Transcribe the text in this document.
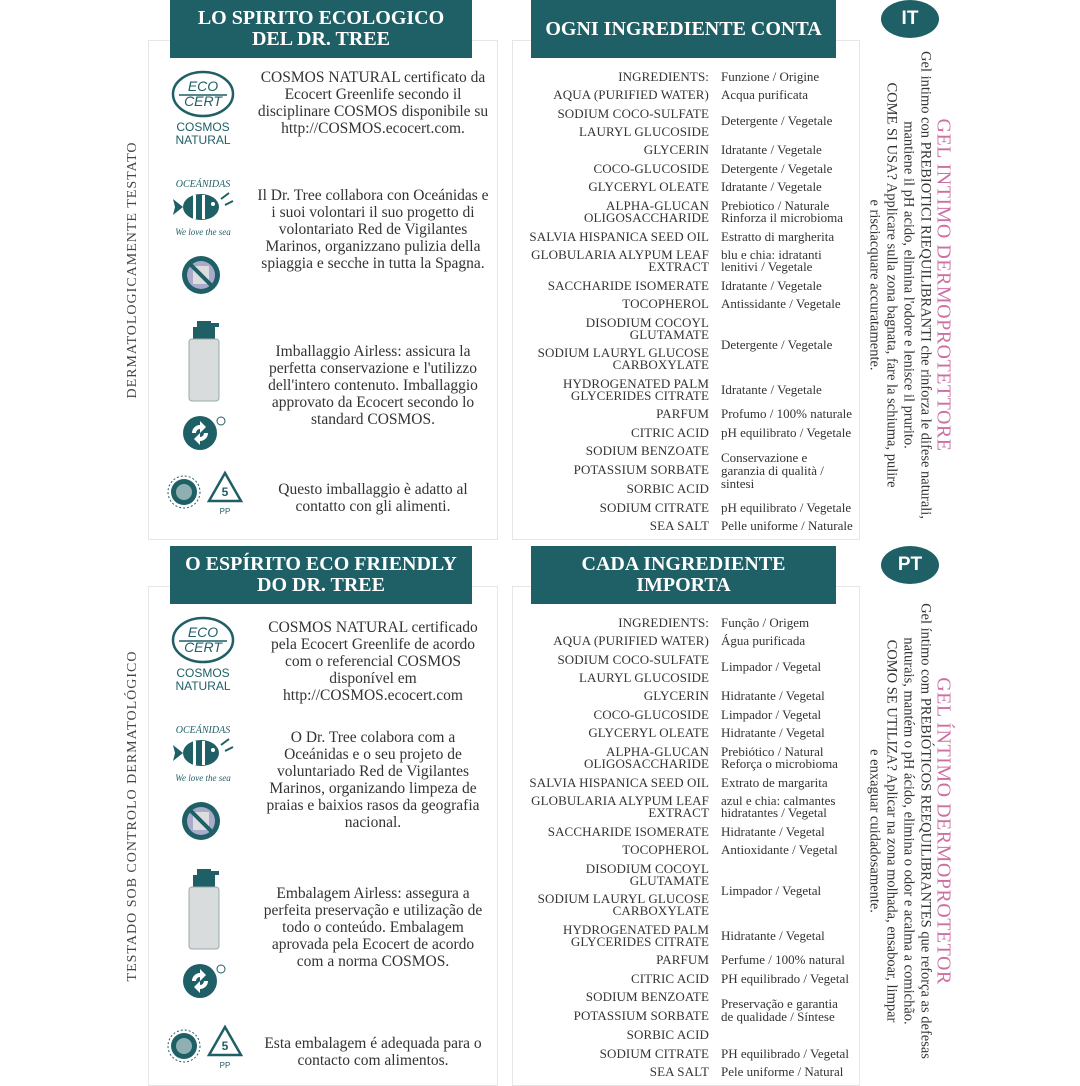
DERMATOLOGICAMENTE TESTATO
ECO
CERT
COSMOS
NATURAL
COSMOS NATURAL certificato da Ecocert Greenlife secondo il disciplinare COSMOS disponibile su http://COSMOS.ecocert.com.
OCEÁNIDAS
We love the sea
Il Dr. Tree collabora con Oceánidas e i suoi volontari il suo progetto di volontariato Red de Vigilantes Marinos, organizzano pulizia della spiaggia e secche in tutta la Spagna.
Imballaggio Airless: assicura la perfetta conservazione e l'utilizzo dell'intero contenuto. Imballaggio approvato da Ecocert secondo lo standard COSMOS.
5
PP
Questo imballaggio è adatto al contatto con gli alimenti.
LO SPIRITO ECOLOGICO DEL DR. TREE
INGREDIENTS: Funzione / Origine
AQUA (PURIFIED WATER) Acqua purificata
SODIUM COCO-SULFATE
LAURYL GLUCOSIDE
GLYCERIN Idratante / Vegetale
COCO-GLUCOSIDE Detergente / Vegetale
GLYCERYL OLEATE Idratante / Vegetale
ALPHA-GLUCAN Prebiotico / Naturale
OLIGOSACCHARIDE Rinforza il microbioma
SALVIA HISPANICA SEED OIL Estratto di margherita
GLOBULARIA ALYPUM LEAF blu e chia: idratanti
EXTRACT lenitivi / Vegetale
SACCHARIDE ISOMERATE Idratante / Vegetale
TOCOPHEROL Antissidante / Vegetale
DISODIUM COCOYL
GLUTAMATE
SODIUM LAURYL GLUCOSE
CARBOXYLATE
HYDROGENATED PALM
GLYCERIDES CITRATE
PARFUM Profumo / 100% naturale
CITRIC ACID pH equilibrato / Vegetale
SODIUM BENZOATE
POTASSIUM SORBATE
SORBIC ACID
SODIUM CITRATE pH equilibrato / Vegetale
SEA SALT Pelle uniforme / Naturale
Detergente / Vegetale
Detergente / Vegetale
Idratante / Vegetale
Conservazione e
garanzia di qualità /
sintesi
OGNI INGREDIENTE CONTA	IT
GEL INTIMO DERMOPROTETTORE
Gel intimo con PREBIOTICI RIEQUILIBRANTI che rinforza le difese naturali,
mantiene il pH acido, elimina l'odore e lenisce il prurito.
COME SI USA? Applicare sulla zona bagnata, fare la schiuma, pulire
e risciacquare accuratamente.
TESTADO SOB CONTROLO DERMATOLÓGICO
ECO
CERT
COSMOS
NATURAL
COSMOS NATURAL certificado pela Ecocert Greenlife de acordo com o referencial COSMOS disponível em http://COSMOS.ecocert.com
OCEÁNIDAS
We love the sea
O Dr. Tree colabora com a Oceánidas e o seu projeto de voluntariado Red de Vigilantes Marinos, organizando limpeza de praias e baixios rasos da geografia nacional.
Embalagem Airless: assegura a perfeita preservação e utilização de todo o conteúdo. Embalagem aprovada pela Ecocert de acordo com a norma COSMOS.
5
PP
Esta embalagem é adequada para o contacto com alimentos.
O ESPÍRITO ECO FRIENDLY DO DR. TREE
INGREDIENTS: Função / Origem
AQUA (PURIFIED WATER) Água purificada
SODIUM COCO-SULFATE
LAURYL GLUCOSIDE
GLYCERIN Hidratante / Vegetal
COCO-GLUCOSIDE Limpador / Vegetal
GLYCERYL OLEATE Hidratante / Vegetal
ALPHA-GLUCAN Prebiótico / Natural
OLIGOSACCHARIDE Reforça o microbioma
SALVIA HISPANICA SEED OIL Extrato de margarita
GLOBULARIA ALYPUM LEAF azul e chia: calmantes
EXTRACT hidratantes / Vegetal
SACCHARIDE ISOMERATE Hidratante / Vegetal
TOCOPHEROL Antioxidante / Vegetal
DISODIUM COCOYL
GLUTAMATE
SODIUM LAURYL GLUCOSE
CARBOXYLATE
HYDROGENATED PALM
GLYCERIDES CITRATE
PARFUM Perfume / 100% natural
CITRIC ACID PH equilibrado / Vegetal
SODIUM BENZOATE
POTASSIUM SORBATE
SORBIC ACID
SODIUM CITRATE PH equilibrado / Vegetal
SEA SALT Pele uniforme / Natural
Limpador / Vegetal
Limpador / Vegetal
Hidratante / Vegetal
Preservação e garantia
de qualidade / Síntese
CADA INGREDIENTE IMPORTA
PT
GEL ÍNTIMO DERMOPROTETOR
Gel íntimo com PREBIÓTICOS REEQUILIBRANTES que reforça as defesas
naturais, mantém o pH ácido, elimina o odor e acalma a comichão.
COMO SE UTILIZA? Aplicar na zona molhada, ensaboar, limpar
e enxaguar cuidadosamente.
